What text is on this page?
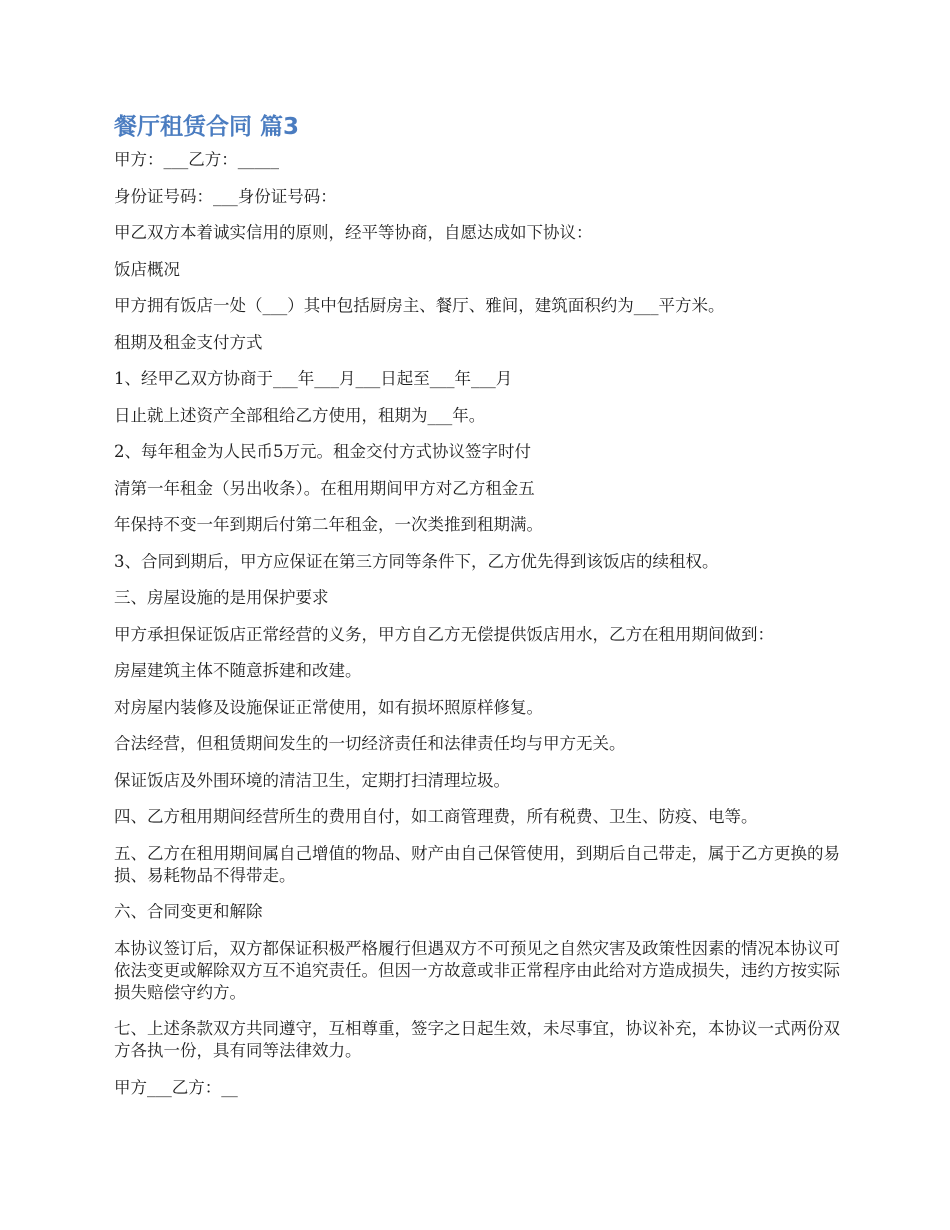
餐厅租赁合同 篇3

甲方：___乙方：_____

身份证号码：___身份证号码：

甲乙双方本着诚实信用的原则，经平等协商，自愿达成如下协议：

饭店概况

甲方拥有饭店一处（___）其中包括厨房主、餐厅、雅间，建筑面积约为___平方米。

租期及租金支付方式

1、经甲乙双方协商于___年___月___日起至___年___月

日止就上述资产全部租给乙方使用，租期为___年。

2、每年租金为人民币5万元。租金交付方式协议签字时付

清第一年租金（另出收条）。在租用期间甲方对乙方租金五

年保持不变一年到期后付第二年租金，一次类推到租期满。

3、合同到期后，甲方应保证在第三方同等条件下，乙方优先得到该饭店的续租权。

三、房屋设施的是用保护要求

甲方承担保证饭店正常经营的义务，甲方自乙方无偿提供饭店用水，乙方在租用期间做到：

房屋建筑主体不随意拆建和改建。

对房屋内装修及设施保证正常使用，如有损坏照原样修复。

合法经营，但租赁期间发生的一切经济责任和法律责任均与甲方无关。

保证饭店及外围环境的清洁卫生，定期打扫清理垃圾。

四、乙方租用期间经营所生的费用自付，如工商管理费，所有税费、卫生、防疫、电等。

五、乙方在租用期间属自己增值的物品、财产由自己保管使用，到期后自己带走，属于乙方更换的易损、易耗物品不得带走。

六、合同变更和解除

本协议签订后，双方都保证积极严格履行但遇双方不可预见之自然灾害及政策性因素的情况本协议可依法变更或解除双方互不追究责任。但因一方故意或非正常程序由此给对方造成损失，违约方按实际损失赔偿守约方。

七、上述条款双方共同遵守，互相尊重，签字之日起生效，未尽事宜，协议补充，本协议一式两份双方各执一份，具有同等法律效力。

甲方___乙方：__
